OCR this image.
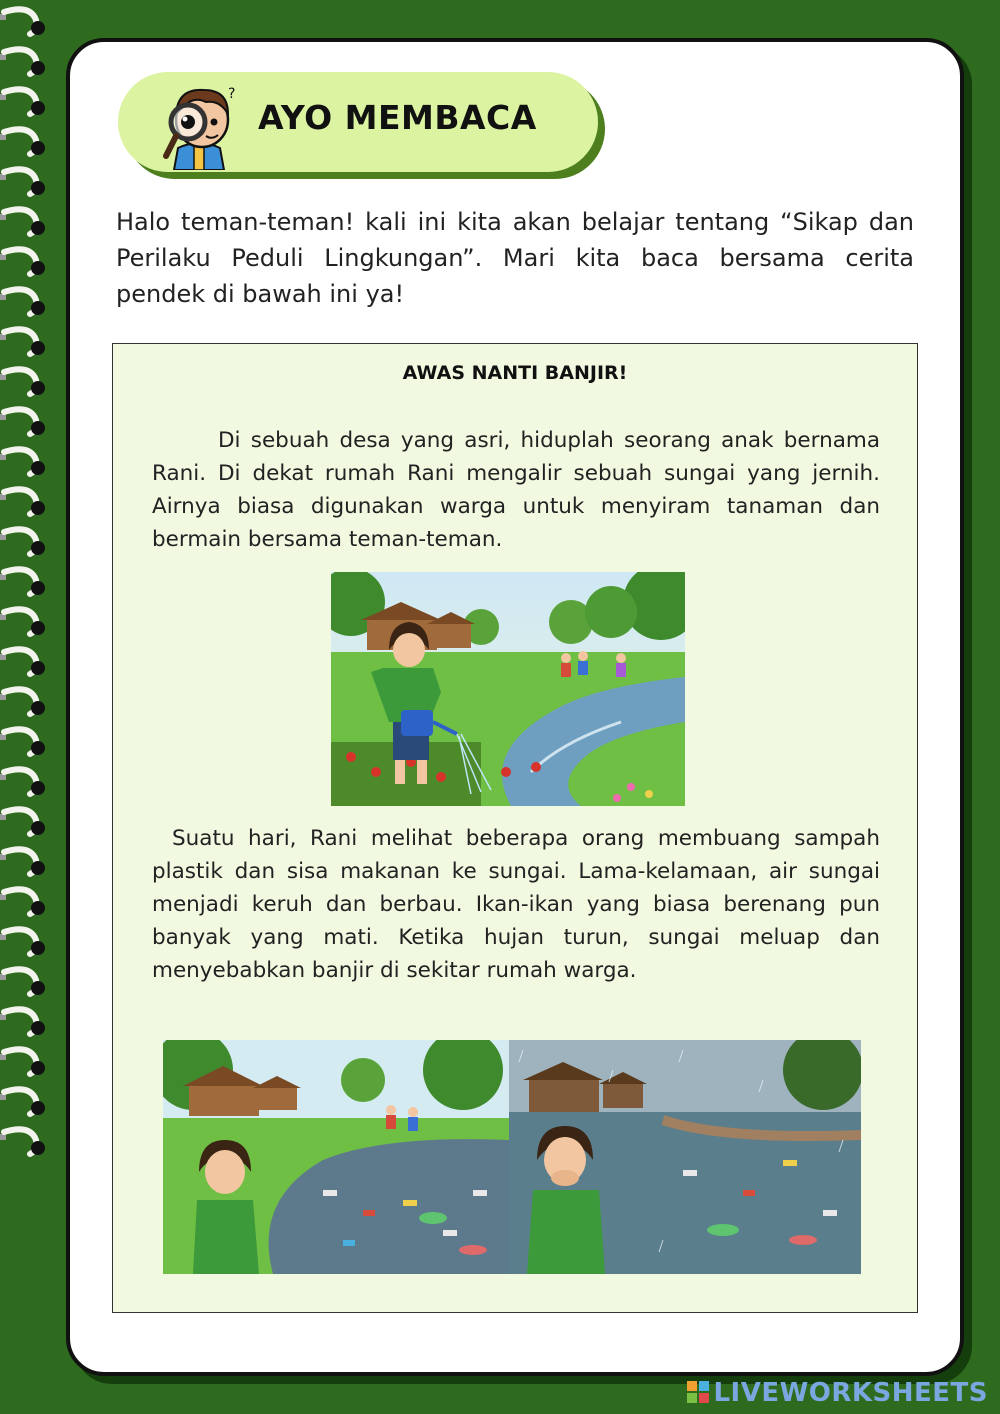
?
AYO MEMBACA

Halo teman-teman! kali ini kita akan belajar tentang “Sikap dan Perilaku Peduli Lingkungan”. Mari kita baca bersama cerita pendek di bawah ini ya!

AWAS NANTI BANJIR!

Di sebuah desa yang asri, hiduplah seorang anak bernama Rani. Di dekat rumah Rani mengalir sebuah sungai yang jernih. Airnya biasa digunakan warga untuk menyiram tanaman dan bermain bersama teman-teman.

Suatu hari, Rani melihat beberapa orang membuang sampah plastik dan sisa makanan ke sungai. Lama-kelamaan, air sungai menjadi keruh dan berbau. Ikan-ikan yang biasa berenang pun banyak yang mati. Ketika hujan turun, sungai meluap dan menyebabkan banjir di sekitar rumah warga.

LIVEWORKSHEETS
